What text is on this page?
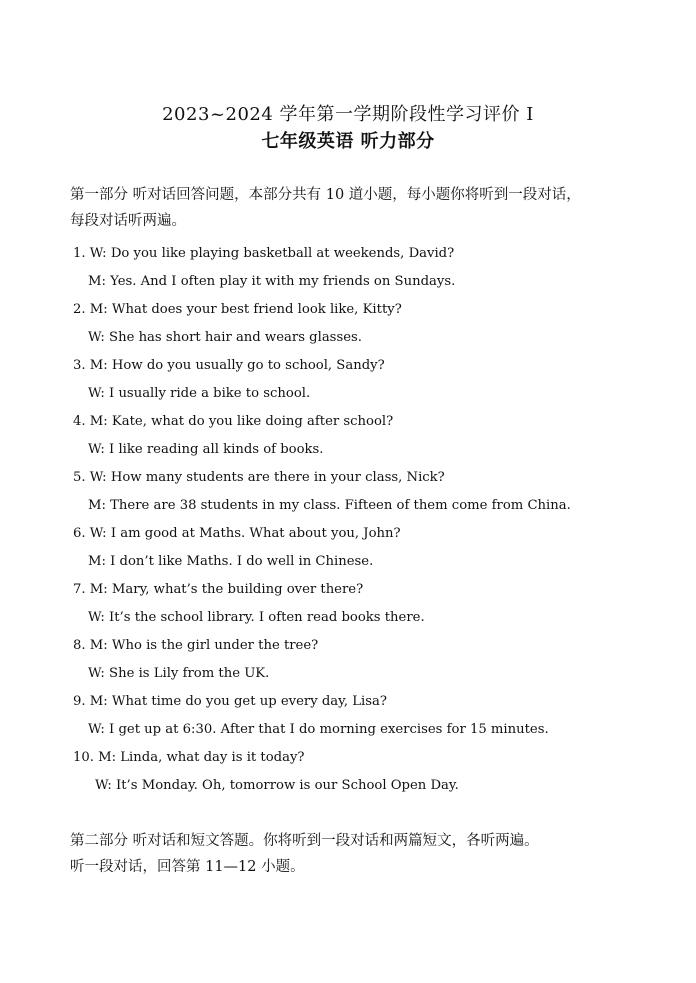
2023~2024 学年第一学期阶段性学习评价 I
七年级英语 听力部分
第一部分 听对话回答问题，本部分共有 10 道小题，每小题你将听到一段对话，
每段对话听两遍。
1. W: Do you like playing basketball at weekends, David?
M: Yes. And I often play it with my friends on Sundays.
2. M: What does your best friend look like, Kitty?
W: She has short hair and wears glasses.
3. M: How do you usually go to school, Sandy?
W: I usually ride a bike to school.
4. M: Kate, what do you like doing after school?
W: I like reading all kinds of books.
5. W: How many students are there in your class, Nick?
M: There are 38 students in my class. Fifteen of them come from China.
6. W: I am good at Maths. What about you, John?
M: I don’t like Maths. I do well in Chinese.
7. M: Mary, what’s the building over there?
W: It’s the school library. I often read books there.
8. M: Who is the girl under the tree?
W: She is Lily from the UK.
9. M: What time do you get up every day, Lisa?
W: I get up at 6:30. After that I do morning exercises for 15 minutes.
10. M: Linda, what day is it today?
W: It’s Monday. Oh, tomorrow is our School Open Day.
第二部分 听对话和短文答题。你将听到一段对话和两篇短文，各听两遍。
听一段对话，回答第 11—12 小题。
